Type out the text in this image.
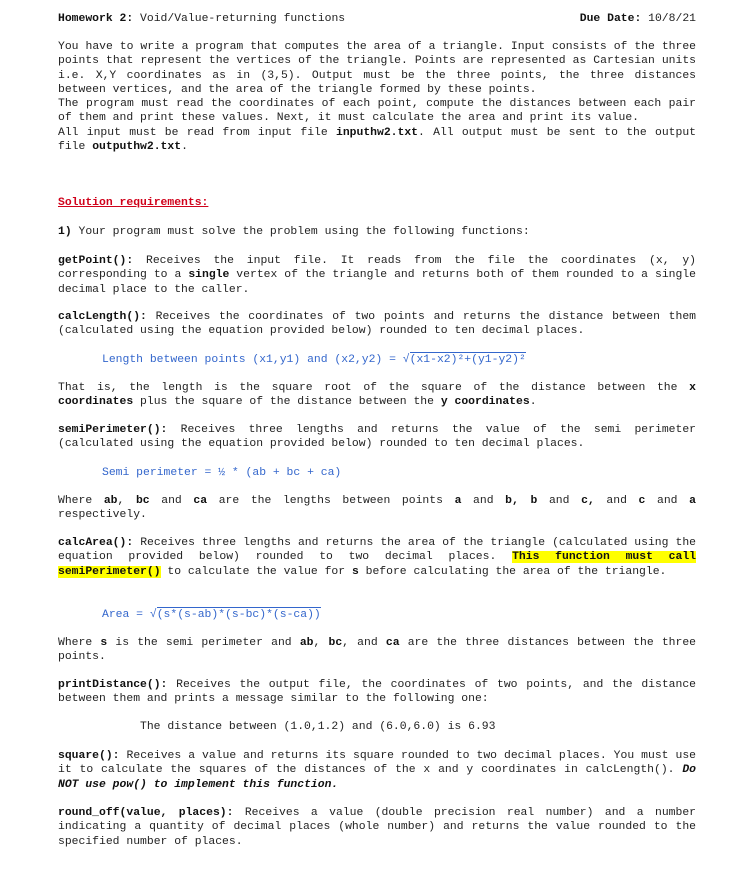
Homework 2: Void/Value-returning functions	Due Date: 10/8/21
You have to write a program that computes the area of a triangle. Input consists of the three points that represent the vertices of the triangle. Points are represented as Cartesian units i.e. X,Y coordinates as in (3,5). Output must be the three points, the three distances between vertices, and the area of the triangle formed by these points.
The program must read the coordinates of each point, compute the distances between each pair of them and print these values. Next, it must calculate the area and print its value.
All input must be read from input file inputhw2.txt. All output must be sent to the output file outputhw2.txt.
Solution requirements:
1) Your program must solve the problem using the following functions:
getPoint(): Receives the input file. It reads from the file the coordinates (x, y) corresponding to a single vertex of the triangle and returns both of them rounded to a single decimal place to the caller.
calcLength(): Receives the coordinates of two points and returns the distance between them (calculated using the equation provided below) rounded to ten decimal places.
Length between points (x1,y1) and (x2,y2) = √(x1-x2)²+(y1-y2)²
That is, the length is the square root of the square of the distance between the x coordinates plus the square of the distance between the y coordinates.
semiPerimeter(): Receives three lengths and returns the value of the semi perimeter (calculated using the equation provided below) rounded to ten decimal places.
Semi perimeter = ½ * (ab + bc + ca)
Where ab, bc and ca are the lengths between points a and b, b and c, and c and a respectively.
calcArea(): Receives three lengths and returns the area of the triangle (calculated using the equation provided below) rounded to two decimal places. This function must call semiPerimeter() to calculate the value for s before calculating the area of the triangle.
Area = √(s*(s-ab)*(s-bc)*(s-ca))
Where s is the semi perimeter and ab, bc, and ca are the three distances between the three points.
printDistance(): Receives the output file, the coordinates of two points, and the distance between them and prints a message similar to the following one:
The distance between (1.0,1.2) and (6.0,6.0) is 6.93
square(): Receives a value and returns its square rounded to two decimal places. You must use it to calculate the squares of the distances of the x and y coordinates in calcLength(). Do NOT use pow() to implement this function.
round_off(value, places): Receives a value (double precision real number) and a number indicating a quantity of decimal places (whole number) and returns the value rounded to the specified number of places.
